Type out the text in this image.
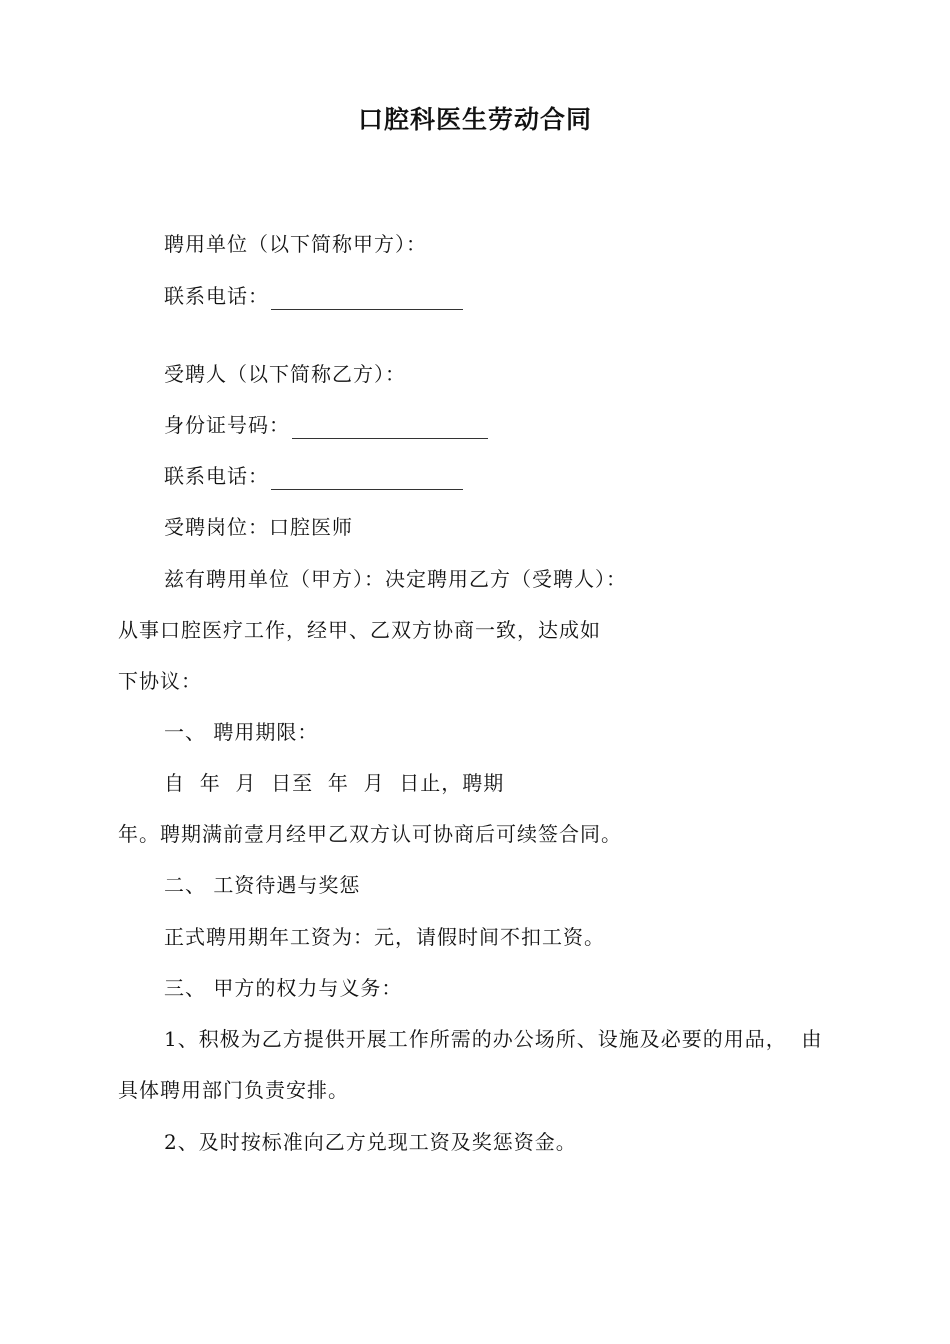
口腔科医生劳动合同
聘用单位（以下简称甲方）：
联系电话：
受聘人（以下简称乙方）：
身份证号码：
联系电话：
受聘岗位：口腔医师
兹有聘用单位（甲方）：决定聘用乙方（受聘人）：
从事口腔医疗工作，经甲、乙双方协商一致，达成如
下协议：
一、 聘用期限：
自  年  月  日至  年  月  日止，聘期
年。聘期满前壹月经甲乙双方认可协商后可续签合同。
二、 工资待遇与奖惩
正式聘用期年工资为：元，请假时间不扣工资。
三、 甲方的权力与义务：
1、积极为乙方提供开展工作所需的办公场所、设施及必要的用品，  由
具体聘用部门负责安排。
2、及时按标准向乙方兑现工资及奖惩资金。
